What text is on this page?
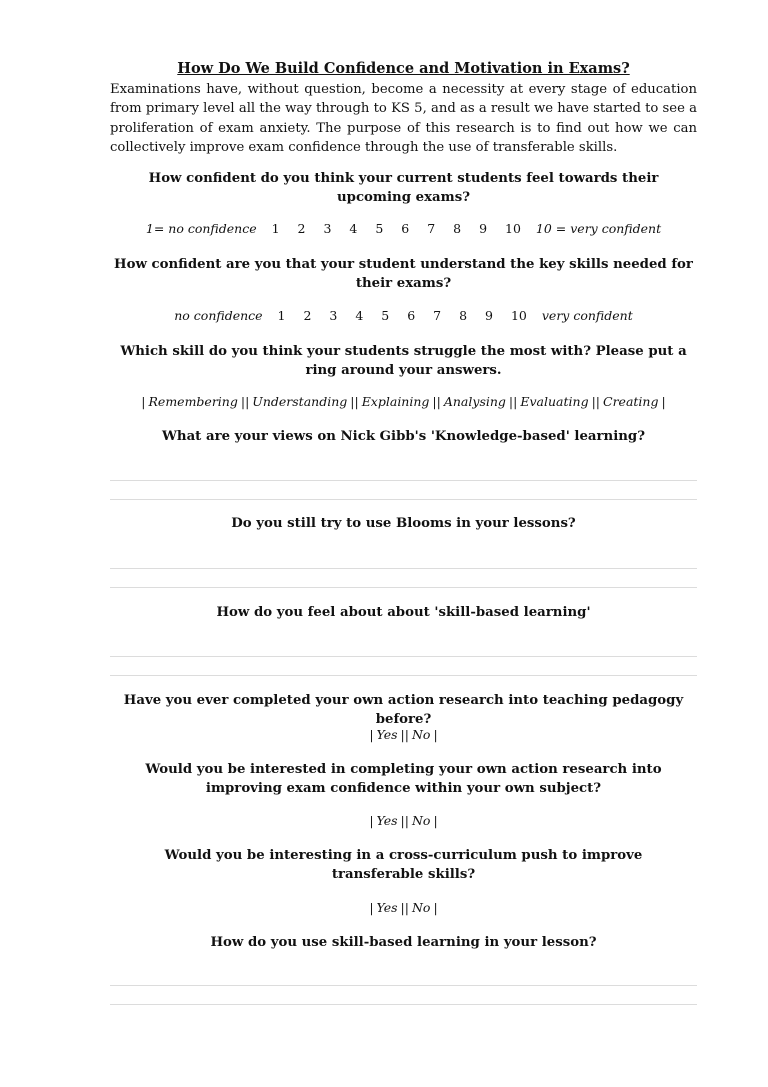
How Do We Build Confidence and Motivation in Exams?
Examinations have, without question, become a necessity at every stage of education from primary level all the way through to KS 5, and as a result we have started to see a proliferation of exam anxiety. The purpose of this research is to find out how we can collectively improve exam confidence through the use of transferable skills.
How confident do you think your current students feel towards their upcoming exams?
1= no confidence 1 2 3 4 5 6 7 8 9 10 10 = very confident
How confident are you that your student understand the key skills needed for their exams?
no confidence 1 2 3 4 5 6 7 8 9 10 very confident
Which skill do you think your students struggle the most with? Please put a ring around your answers.
| Remembering || Understanding || Explaining || Analysing || Evaluating || Creating |
What are your views on Nick Gibb's 'Knowledge-based' learning?
Do you still try to use Blooms in your lessons?
How do you feel about about 'skill-based learning'
Have you ever completed your own action research into teaching pedagogy before?
| Yes || No |
Would you be interested in completing your own action research into improving exam confidence within your own subject?
| Yes || No |
Would you be interesting in a cross-curriculum push to improve transferable skills?
| Yes || No |
How do you use skill-based learning in your lesson?
